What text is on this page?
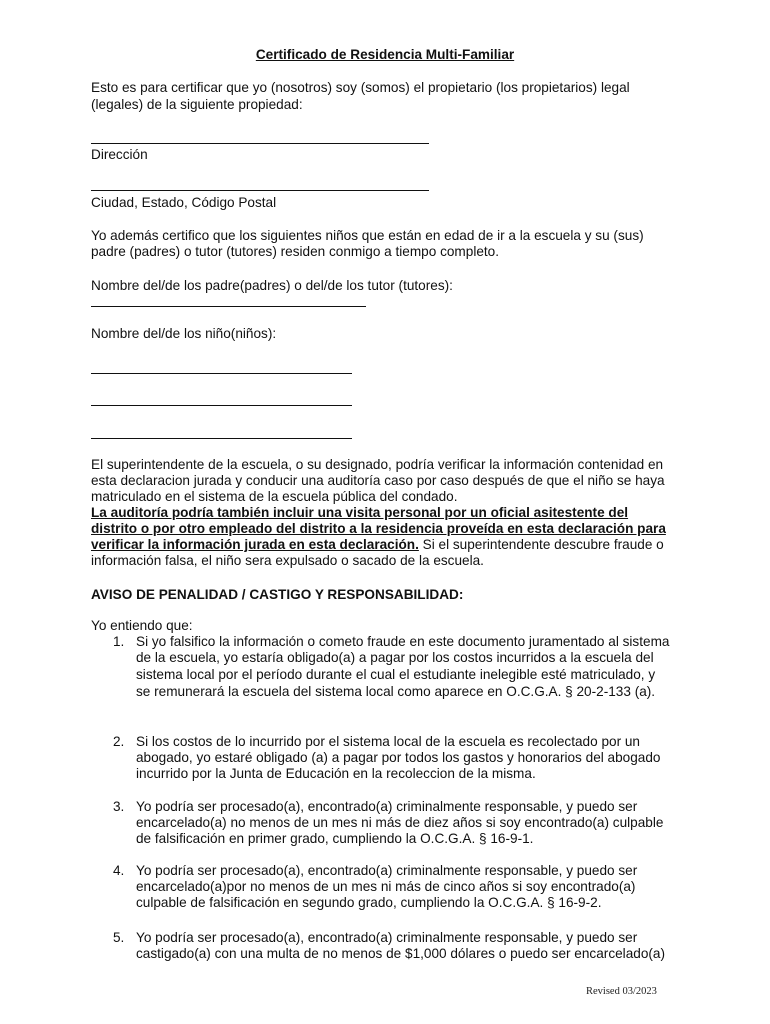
Certificado de Residencia Multi-Familiar
Esto es para certificar que yo (nosotros) soy (somos) el propietario (los propietarios) legal
(legales) de la siguiente propiedad:
Dirección
Ciudad, Estado, Código Postal
Yo además certifico que los siguientes niños que están en edad de ir a la escuela y su (sus)
padre (padres) o tutor (tutores) residen conmigo a tiempo completo.
Nombre del/de los padre(padres) o del/de los tutor (tutores):
Nombre del/de los niño(niños):
El superintendente de la escuela, o su designado, podría verificar la información contenidad en
esta declaracion jurada y conducir una auditoría caso por caso después de que el niño se haya
matriculado en el sistema de la escuela pública del condado.
La auditoría podría también incluir una visita personal por un oficial asitestente del
distrito o por otro empleado del distrito a la residencia proveída en esta declaración para
verificar la información jurada en esta declaración. Si el superintendente descubre fraude o
información falsa, el niño sera expulsado o sacado de la escuela.
AVISO DE PENALIDAD / CASTIGO Y RESPONSABILIDAD:
Yo entiendo que:
1. Si yo falsifico la información o cometo fraude en este documento juramentado al sistema
de la escuela, yo estaría obligado(a) a pagar por los costos incurridos a la escuela del
sistema local por el período durante el cual el estudiante inelegible esté matriculado, y
se remunerará la escuela del sistema local como aparece en O.C.G.A. § 20-2-133 (a).
2. Si los costos de lo incurrido por el sistema local de la escuela es recolectado por un
abogado, yo estaré obligado (a) a pagar por todos los gastos y honorarios del abogado
incurrido por la Junta de Educación en la recoleccion de la misma.
3. Yo podría ser procesado(a), encontrado(a) criminalmente responsable, y puedo ser
encarcelado(a) no menos de un mes ni más de diez años si soy encontrado(a) culpable
de falsificación en primer grado, cumpliendo la O.C.G.A. § 16-9-1.
4. Yo podría ser procesado(a), encontrado(a) criminalmente responsable, y puedo ser
encarcelado(a)por no menos de un mes ni más de cinco años si soy encontrado(a)
culpable de falsificación en segundo grado, cumpliendo la O.C.G.A. § 16-9-2.
5. Yo podría ser procesado(a), encontrado(a) criminalmente responsable, y puedo ser
castigado(a) con una multa de no menos de $1,000 dólares o puedo ser encarcelado(a)
Revised 03/2023
